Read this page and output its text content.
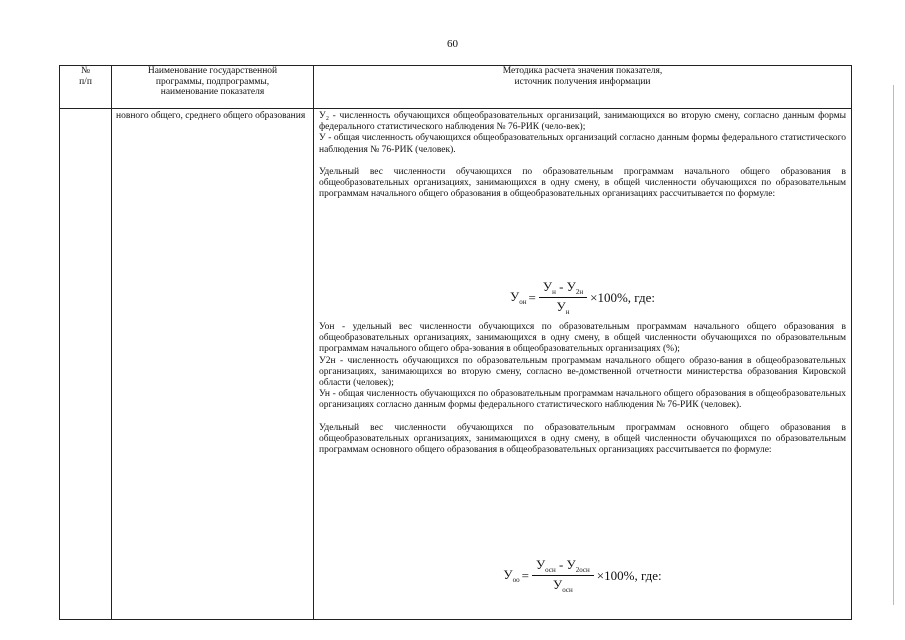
60
№
п/п
Наименование государственной
программы, подпрограммы,
наименование показателя
Методика расчета значения показателя,
источник получения информации
новного общего, среднего общего образования У₂ - численность обучающихся общеобразовательных организаций, занимающихся во вторую смену, согласно данным формы федерального статистического наблюдения № 76-РИК (чело-век);

У - общая численность обучающихся общеобразовательных организаций согласно данным формы федерального статистического наблюдения № 76-РИК (человек).

Удельный вес численности обучающихся по образовательным программам начального общего образования в общеобразовательных организациях, занимающихся в одну смену, в общей численности обучающихся по образовательным программам начального общего образования в общеобразовательных организациях рассчитывается по формуле:

$У_{он} = \frac{У_н - У_{2н}}{У_н} \times 100\%$, где:

Уон - удельный вес численности обучающихся по образовательным программам начального общего образования в общеобразовательных организациях, занимающихся в одну смену, в общей численности обучающихся по образовательным программам начального общего обра-зования в общеобразовательных организациях (%);

У2н - численность обучающихся по образовательным программам начального общего образо-вания в общеобразовательных организациях, занимающихся во вторую смену, согласно ве-домственной отчетности министерства образования Кировской области (человек);

Ун - общая численность обучающихся по образовательным программам начального общего образования в общеобразовательных организациях согласно данным формы федерального статистического наблюдения № 76-РИК (человек).

Удельный вес численности обучающихся по образовательным программам основного общего образования в общеобразовательных организациях, занимающихся в одну смену, в общей численности обучающихся по образовательным программам основного общего образования в общеобразовательных организациях рассчитывается по формуле:

$У_{оо} = \frac{У_{осн} - У_{2осн}}{У_{осн}} \times 100\%$, где:
